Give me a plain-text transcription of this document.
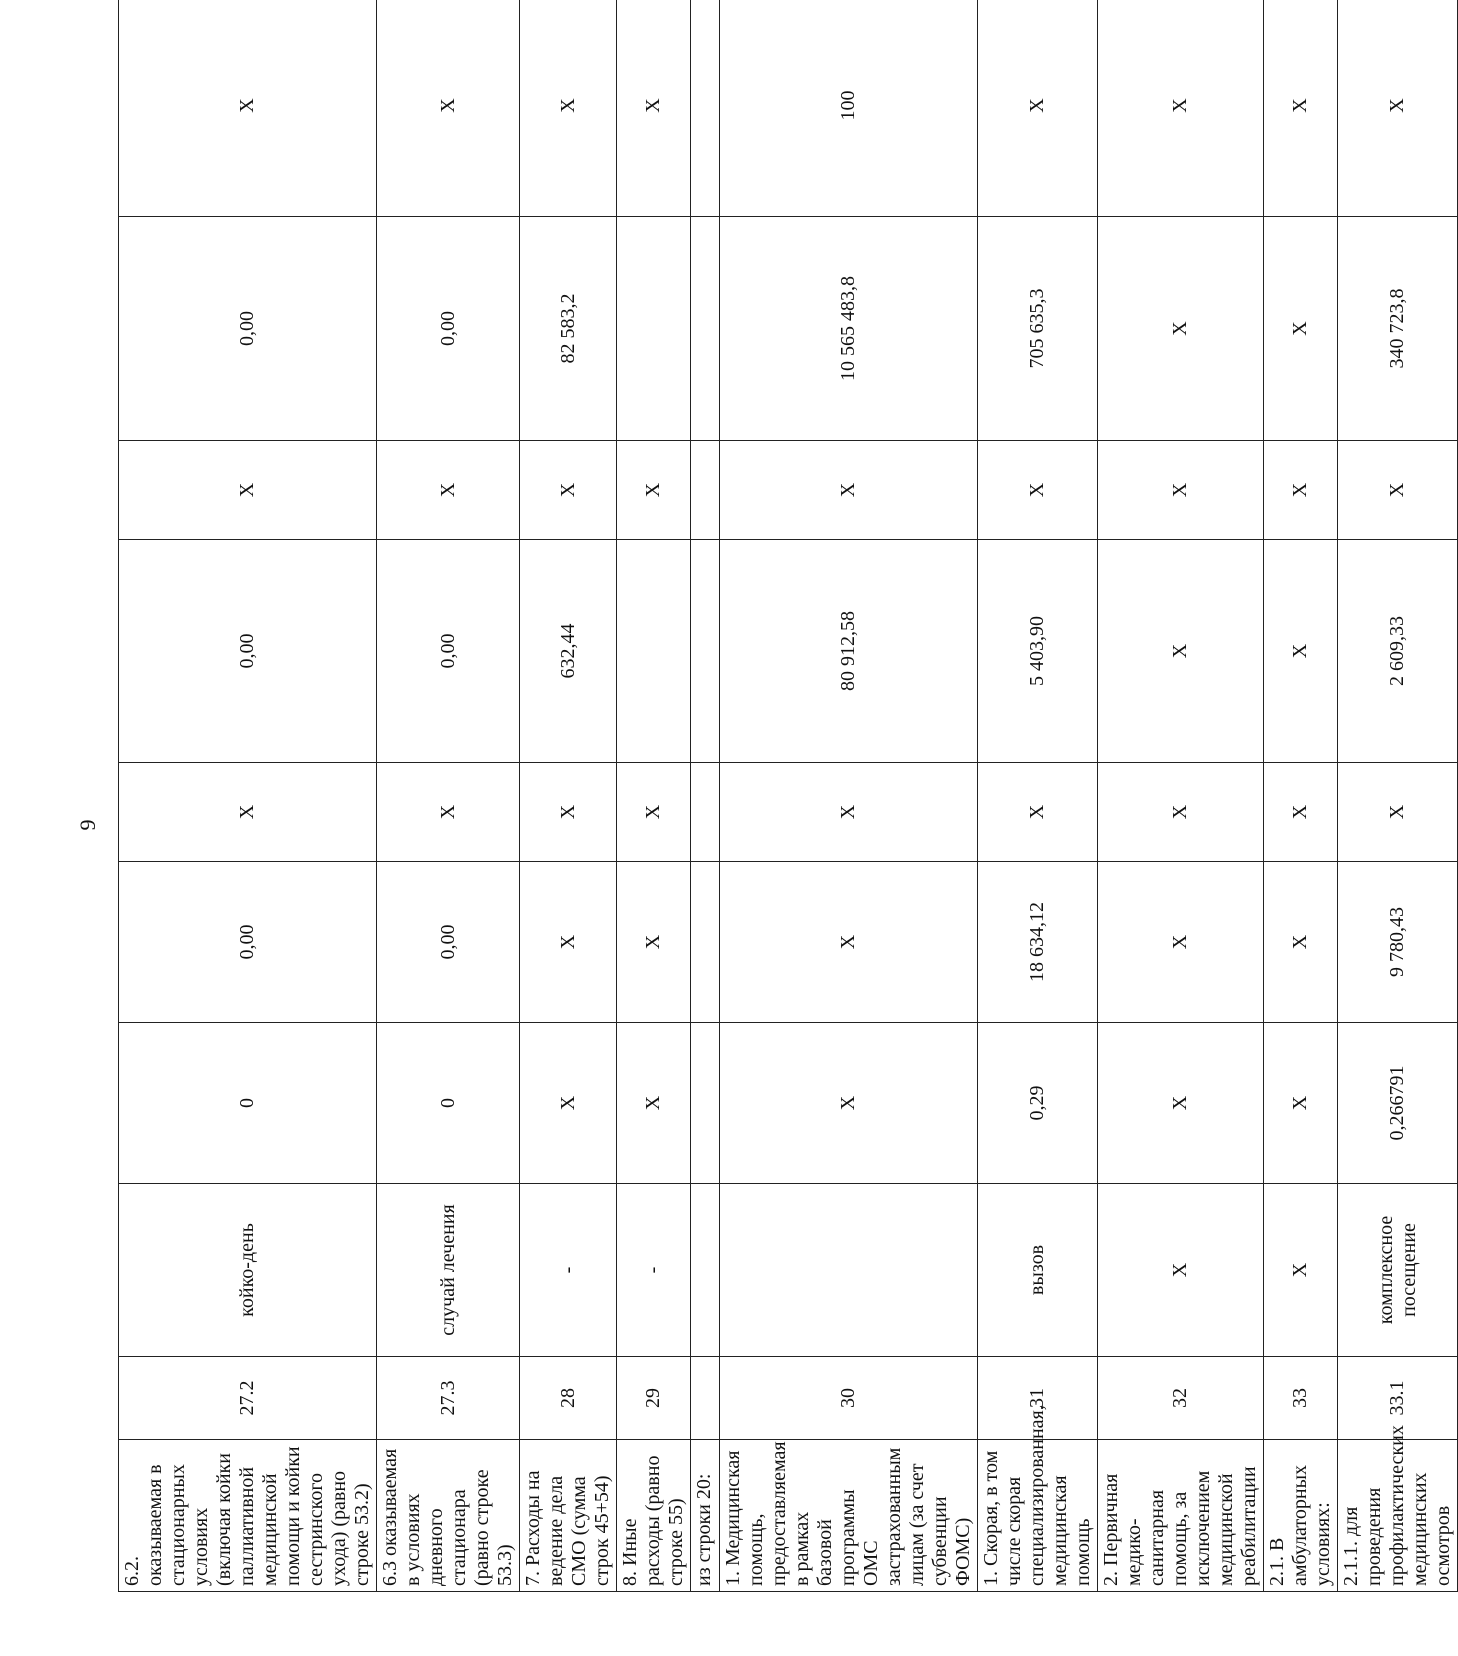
9
6.2. оказываемая в стационарных условиях (включая койки паллиативной медицинской помощи и койки сестринского ухода) (равно строке 53.2)	27.2	койко-день	0	0,00	X	0,00	X	0,00	X

6.3 оказываемая в условиях дневного стационара (равно строке 53.3)	27.3	случай лечения	0	0,00	X	0,00	X	0,00	X

7. Расходы на ведение дела СМО (сумма строк 45+54)	28	-	X	X	X	632,44	X	82 583,2	X

8. Иные расходы (равно строке 55)	29	-	X	X	X		X		X

из строки 20:									

1. Медицинская помощь, предоставляемая в рамках базовой программы ОМС застрахованным лицам (за счет субвенции ФОМС)	30		X	X	X	80 912,58	X	10 565 483,8	100

1. Скорая, в том числе скорая специализированная, медицинская помощь	31	вызов	0,29	18 634,12	X	5 403,90	X	705 635,3	X

2. Первичная медико-санитарная помощь, за исключением медицинской реабилитации	32	X	X	X	X	X	X	X	X

2.1. В амбулаторных условиях:	33	X	X	X	X	X	X	X	X

2.1.1. для проведения профилактических медицинских осмотров	33.1	комплексное посещение	0,266791	9 780,43	X	2 609,33	X	340 723,8	X
